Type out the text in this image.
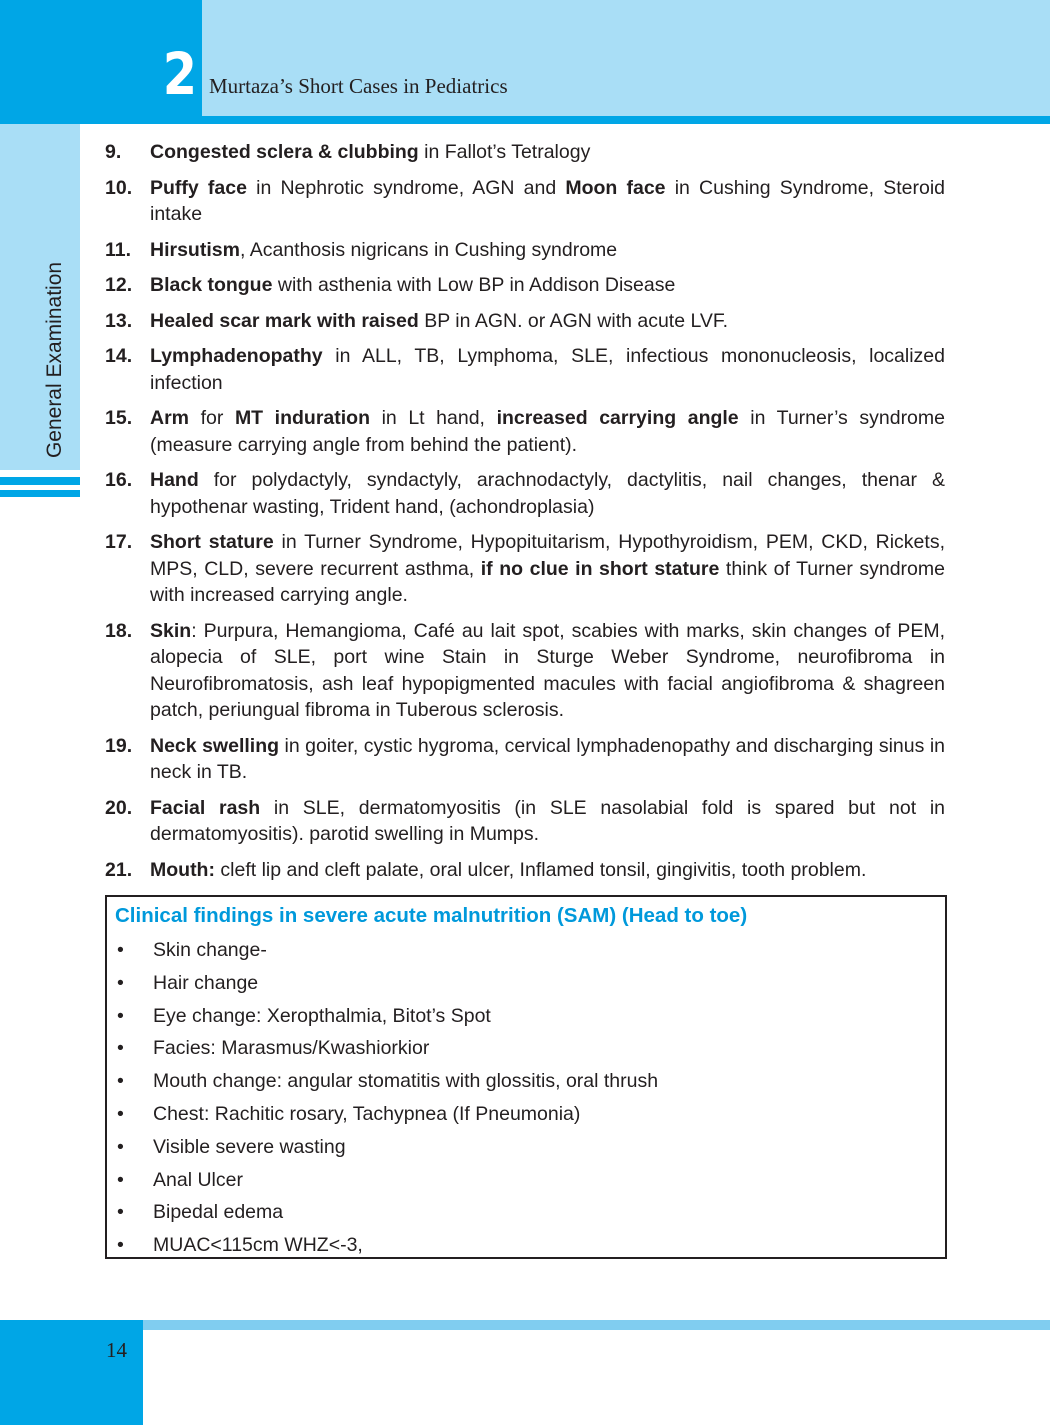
2 Murtaza’s Short Cases in Pediatrics
General Examination
9. Congested sclera & clubbing in Fallot’s Tetralogy
10. Puffy face in Nephrotic syndrome, AGN and Moon face in Cushing Syndrome, Steroid intake
11. Hirsutism, Acanthosis nigricans in Cushing syndrome
12. Black tongue with asthenia with Low BP in Addison Disease
13. Healed scar mark with raised BP in AGN. or AGN with acute LVF.
14. Lymphadenopathy in ALL, TB, Lymphoma, SLE, infectious mononucleosis, localized infection
15. Arm for MT induration in Lt hand, increased carrying angle in Turner’s syndrome (measure carrying angle from behind the patient).
16. Hand for polydactyly, syndactyly, arachnodactyly, dactylitis, nail changes, thenar & hypothenar wasting, Trident hand, (achondroplasia)
17. Short stature in Turner Syndrome, Hypopituitarism, Hypothyroidism, PEM, CKD, Rickets, MPS, CLD, severe recurrent asthma, if no clue in short stature think of Turner syndrome with increased carrying angle.
18. Skin: Purpura, Hemangioma, Café au lait spot, scabies with marks, skin changes of PEM, alopecia of SLE, port wine Stain in Sturge Weber Syndrome, neurofibroma in Neurofibromatosis, ash leaf hypopigmented macules with facial angiofibroma & shagreen patch, periungual fibroma in Tuberous sclerosis.
19. Neck swelling in goiter, cystic hygroma, cervical lymphadenopathy and discharging sinus in neck in TB.
20. Facial rash in SLE, dermatomyositis (in SLE nasolabial fold is spared but not in dermatomyositis). parotid swelling in Mumps.
21. Mouth: cleft lip and cleft palate, oral ulcer, Inflamed tonsil, gingivitis, tooth problem.
Clinical findings in severe acute malnutrition (SAM) (Head to toe)
• Skin change-
• Hair change
• Eye change: Xeropthalmia, Bitot’s Spot
• Facies: Marasmus/Kwashiorkior
• Mouth change: angular stomatitis with glossitis, oral thrush
• Chest: Rachitic rosary, Tachypnea (If Pneumonia)
• Visible severe wasting
• Anal Ulcer
• Bipedal edema
• MUAC<115cm WHZ<-3,
14
